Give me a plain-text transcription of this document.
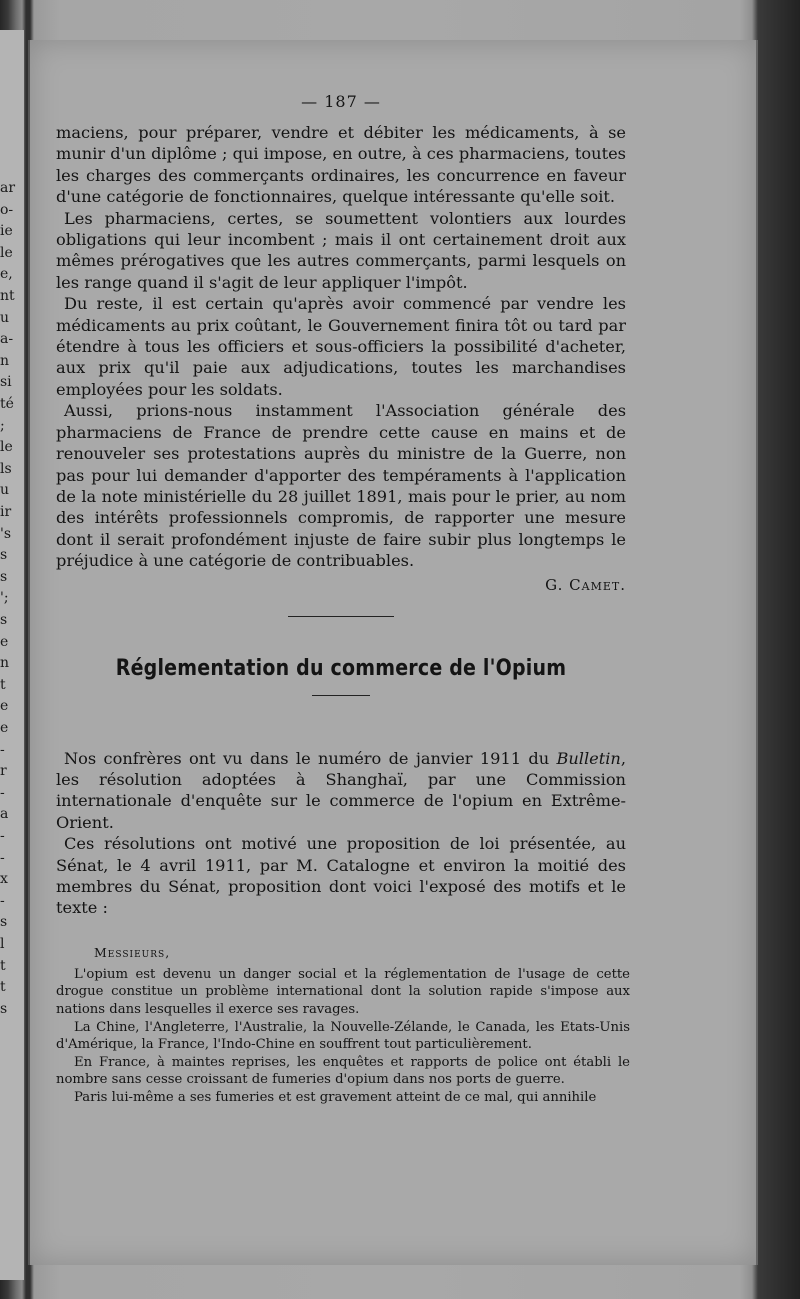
ar
o-
ie
le
e,
nt
u
a-
n
si
té
;
le
ls
u
ir
's
s
s
';
s
e
n
t
e
e
-
r
-
a
-
-
x
-
s
l
t
t
s
— 187 —

maciens, pour préparer, vendre et débiter les médicaments, à se munir d'un diplôme ; qui impose, en outre, à ces pharmaciens, toutes les charges des commerçants ordinaires, les concurrence en faveur d'une catégorie de fonctionnaires, quelque intéressante qu'elle soit.

Les pharmaciens, certes, se soumettent volontiers aux lourdes obligations qui leur incombent ; mais il ont certainement droit aux mêmes prérogatives que les autres commerçants, parmi lesquels on les range quand il s'agit de leur appliquer l'impôt.

Du reste, il est certain qu'après avoir commencé par vendre les médicaments au prix coûtant, le Gouvernement finira tôt ou tard par étendre à tous les officiers et sous-officiers la possibilité d'acheter, aux prix qu'il paie aux adjudications, toutes les marchandises employées pour les soldats.

Aussi, prions-nous instamment l'Association générale des pharmaciens de France de prendre cette cause en mains et de renouveler ses protestations auprès du ministre de la Guerre, non pas pour lui demander d'apporter des tempéraments à l'application de la note ministérielle du 28 juillet 1891, mais pour le prier, au nom des intérêts professionnels compromis, de rapporter une mesure dont il serait profondément injuste de faire subir plus longtemps le préjudice à une catégorie de contribuables.

G. Camet.
Réglementation du commerce de l'Opium

Nos confrères ont vu dans le numéro de janvier 1911 du Bulletin, les résolution adoptées à Shanghaï, par une Commission internationale d'enquête sur le commerce de l'opium en Extrême-Orient.

Ces résolutions ont motivé une proposition de loi présentée, au Sénat, le 4 avril 1911, par M. Catalogne et environ la moitié des membres du Sénat, proposition dont voici l'exposé des motifs et le texte :

Messieurs,

L'opium est devenu un danger social et la réglementation de l'usage de cette drogue constitue un problème international dont la solution rapide s'impose aux nations dans lesquelles il exerce ses ravages.

La Chine, l'Angleterre, l'Australie, la Nouvelle-Zélande, le Canada, les Etats-Unis d'Amérique, la France, l'Indo-Chine en souffrent tout particulièrement.

En France, à maintes reprises, les enquêtes et rapports de police ont établi le nombre sans cesse croissant de fumeries d'opium dans nos ports de guerre.

Paris lui-même a ses fumeries et est gravement atteint de ce mal, qui annihile
